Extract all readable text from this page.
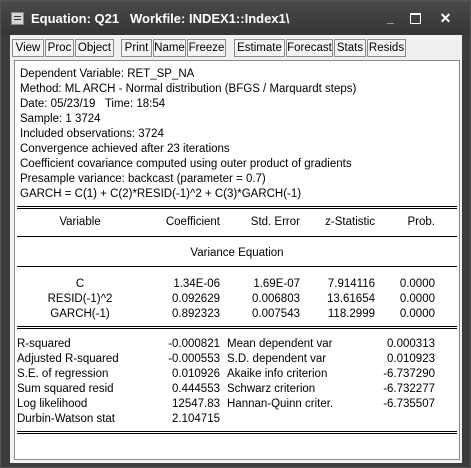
Equation: Q21 Workfile: INDEX1::Index1\	_	✕
View Proc Object	Print Name Freeze Estimate Forecast Stats Resids
Dependent Variable: RET_SP_NA
Method: ML ARCH - Normal distribution (BFGS / Marquardt steps)
Date: 05/23/19   Time: 18:54
Sample: 1 3724
Included observations: 3724
Convergence achieved after 23 iterations
Coefficient covariance computed using outer product of gradients
Presample variance: backcast (parameter = 0.7)
GARCH = C(1) + C(2)*RESID(-1)^2 + C(3)*GARCH(-1)
Variable	Coefficient	Std. Error	z-Statistic	Prob.
Variance Equation
C	1.34E-06	1.69E-07	7.914116	0.0000
RESID(-1)^2	0.092629	0.006803	13.61654	0.0000
GARCH(-1)	0.892323	0.007543	118.2999	0.0000
R-squared	-0.000821 Mean dependent var	0.000313
Adjusted R-squared	-0.000553 S.D. dependent var	0.010923
S.E. of regression	0.010926 Akaike info criterion	-6.737290
Sum squared resid	0.444553 Schwarz criterion	-6.732277
Log likelihood	12547.83 Hannan-Quinn criter.	-6.735507
Durbin-Watson stat	2.104715
